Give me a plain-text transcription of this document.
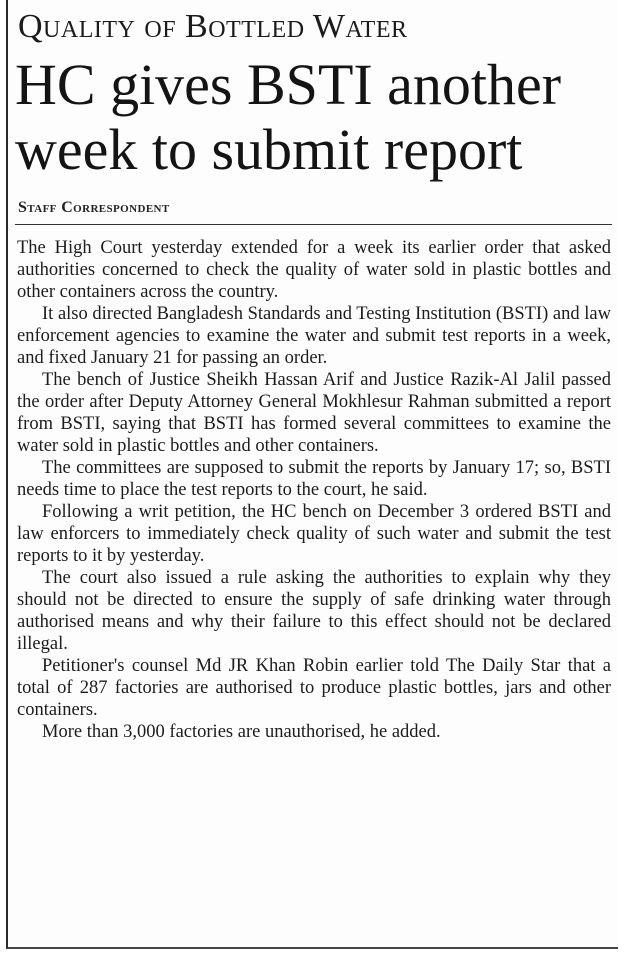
Quality of Bottled Water
HC gives BSTI another
week to submit report
Staff Correspondent

The High Court yesterday extended for a week its earlier order that asked authorities concerned to check the quality of water sold in plastic bottles and other containers across the country.

It also directed Bangladesh Standards and Testing Institution (BSTI) and law enforcement agencies to examine the water and submit test reports in a week, and fixed January 21 for passing an order.

The bench of Justice Sheikh Hassan Arif and Justice Razik-Al Jalil passed the order after Deputy Attorney General Mokhlesur Rahman submitted a report from BSTI, saying that BSTI has formed several committees to examine the water sold in plastic bottles and other containers.

The committees are supposed to submit the reports by January 17; so, BSTI needs time to place the test reports to the court, he said.

Following a writ petition, the HC bench on December 3 ordered BSTI and law enforcers to immediately check quality of such water and submit the test reports to it by yesterday.

The court also issued a rule asking the authorities to explain why they should not be directed to ensure the supply of safe drinking water through authorised means and why their failure to this effect should not be declared illegal.

Petitioner's counsel Md JR Khan Robin earlier told The Daily Star that a total of 287 factories are authorised to produce plastic bottles, jars and other containers.

More than 3,000 factories are unauthorised, he added.
